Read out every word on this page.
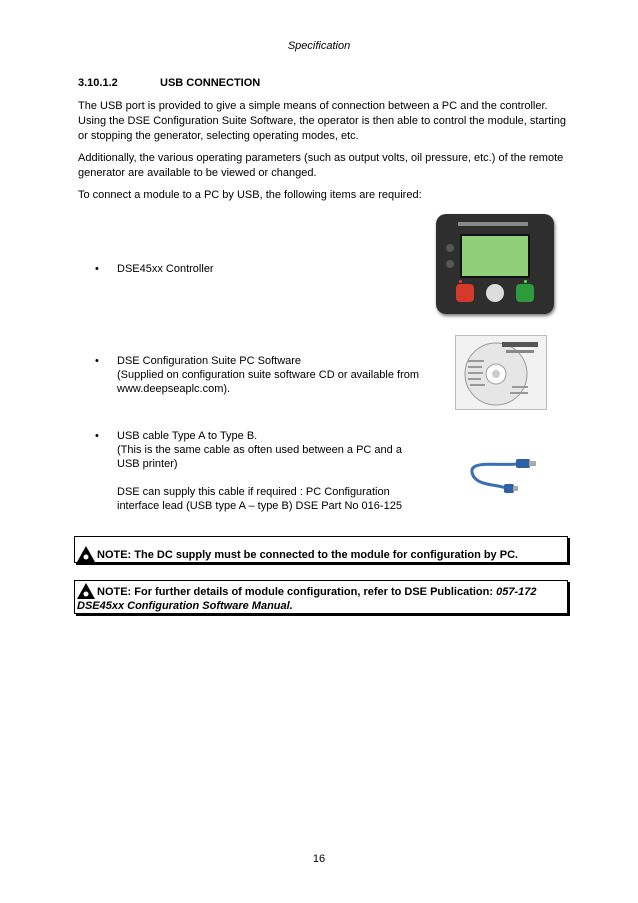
Specification
3.10.1.2	USB CONNECTION
The USB port is provided to give a simple means of connection between a PC and the controller. Using the DSE Configuration Suite Software, the operator is then able to control the module, starting or stopping the generator, selecting operating modes, etc.
Additionally, the various operating parameters (such as output volts, oil pressure, etc.) of the remote generator are available to be viewed or changed.
To connect a module to a PC by USB, the following items are required:
• DSE45xx Controller
• DSE Configuration Suite PC Software
(Supplied on configuration suite software CD or available from www.deepseaplc.com).
• USB cable Type A to Type B.
(This is the same cable as often used between a PC and a USB printer)
DSE can supply this cable if required : PC Configuration interface lead (USB type A – type B) DSE Part No 016-125
NOTE: The DC supply must be connected to the module for configuration by PC.
NOTE: For further details of module configuration, refer to DSE Publication: 057-172 DSE45xx Configuration Software Manual.
16
